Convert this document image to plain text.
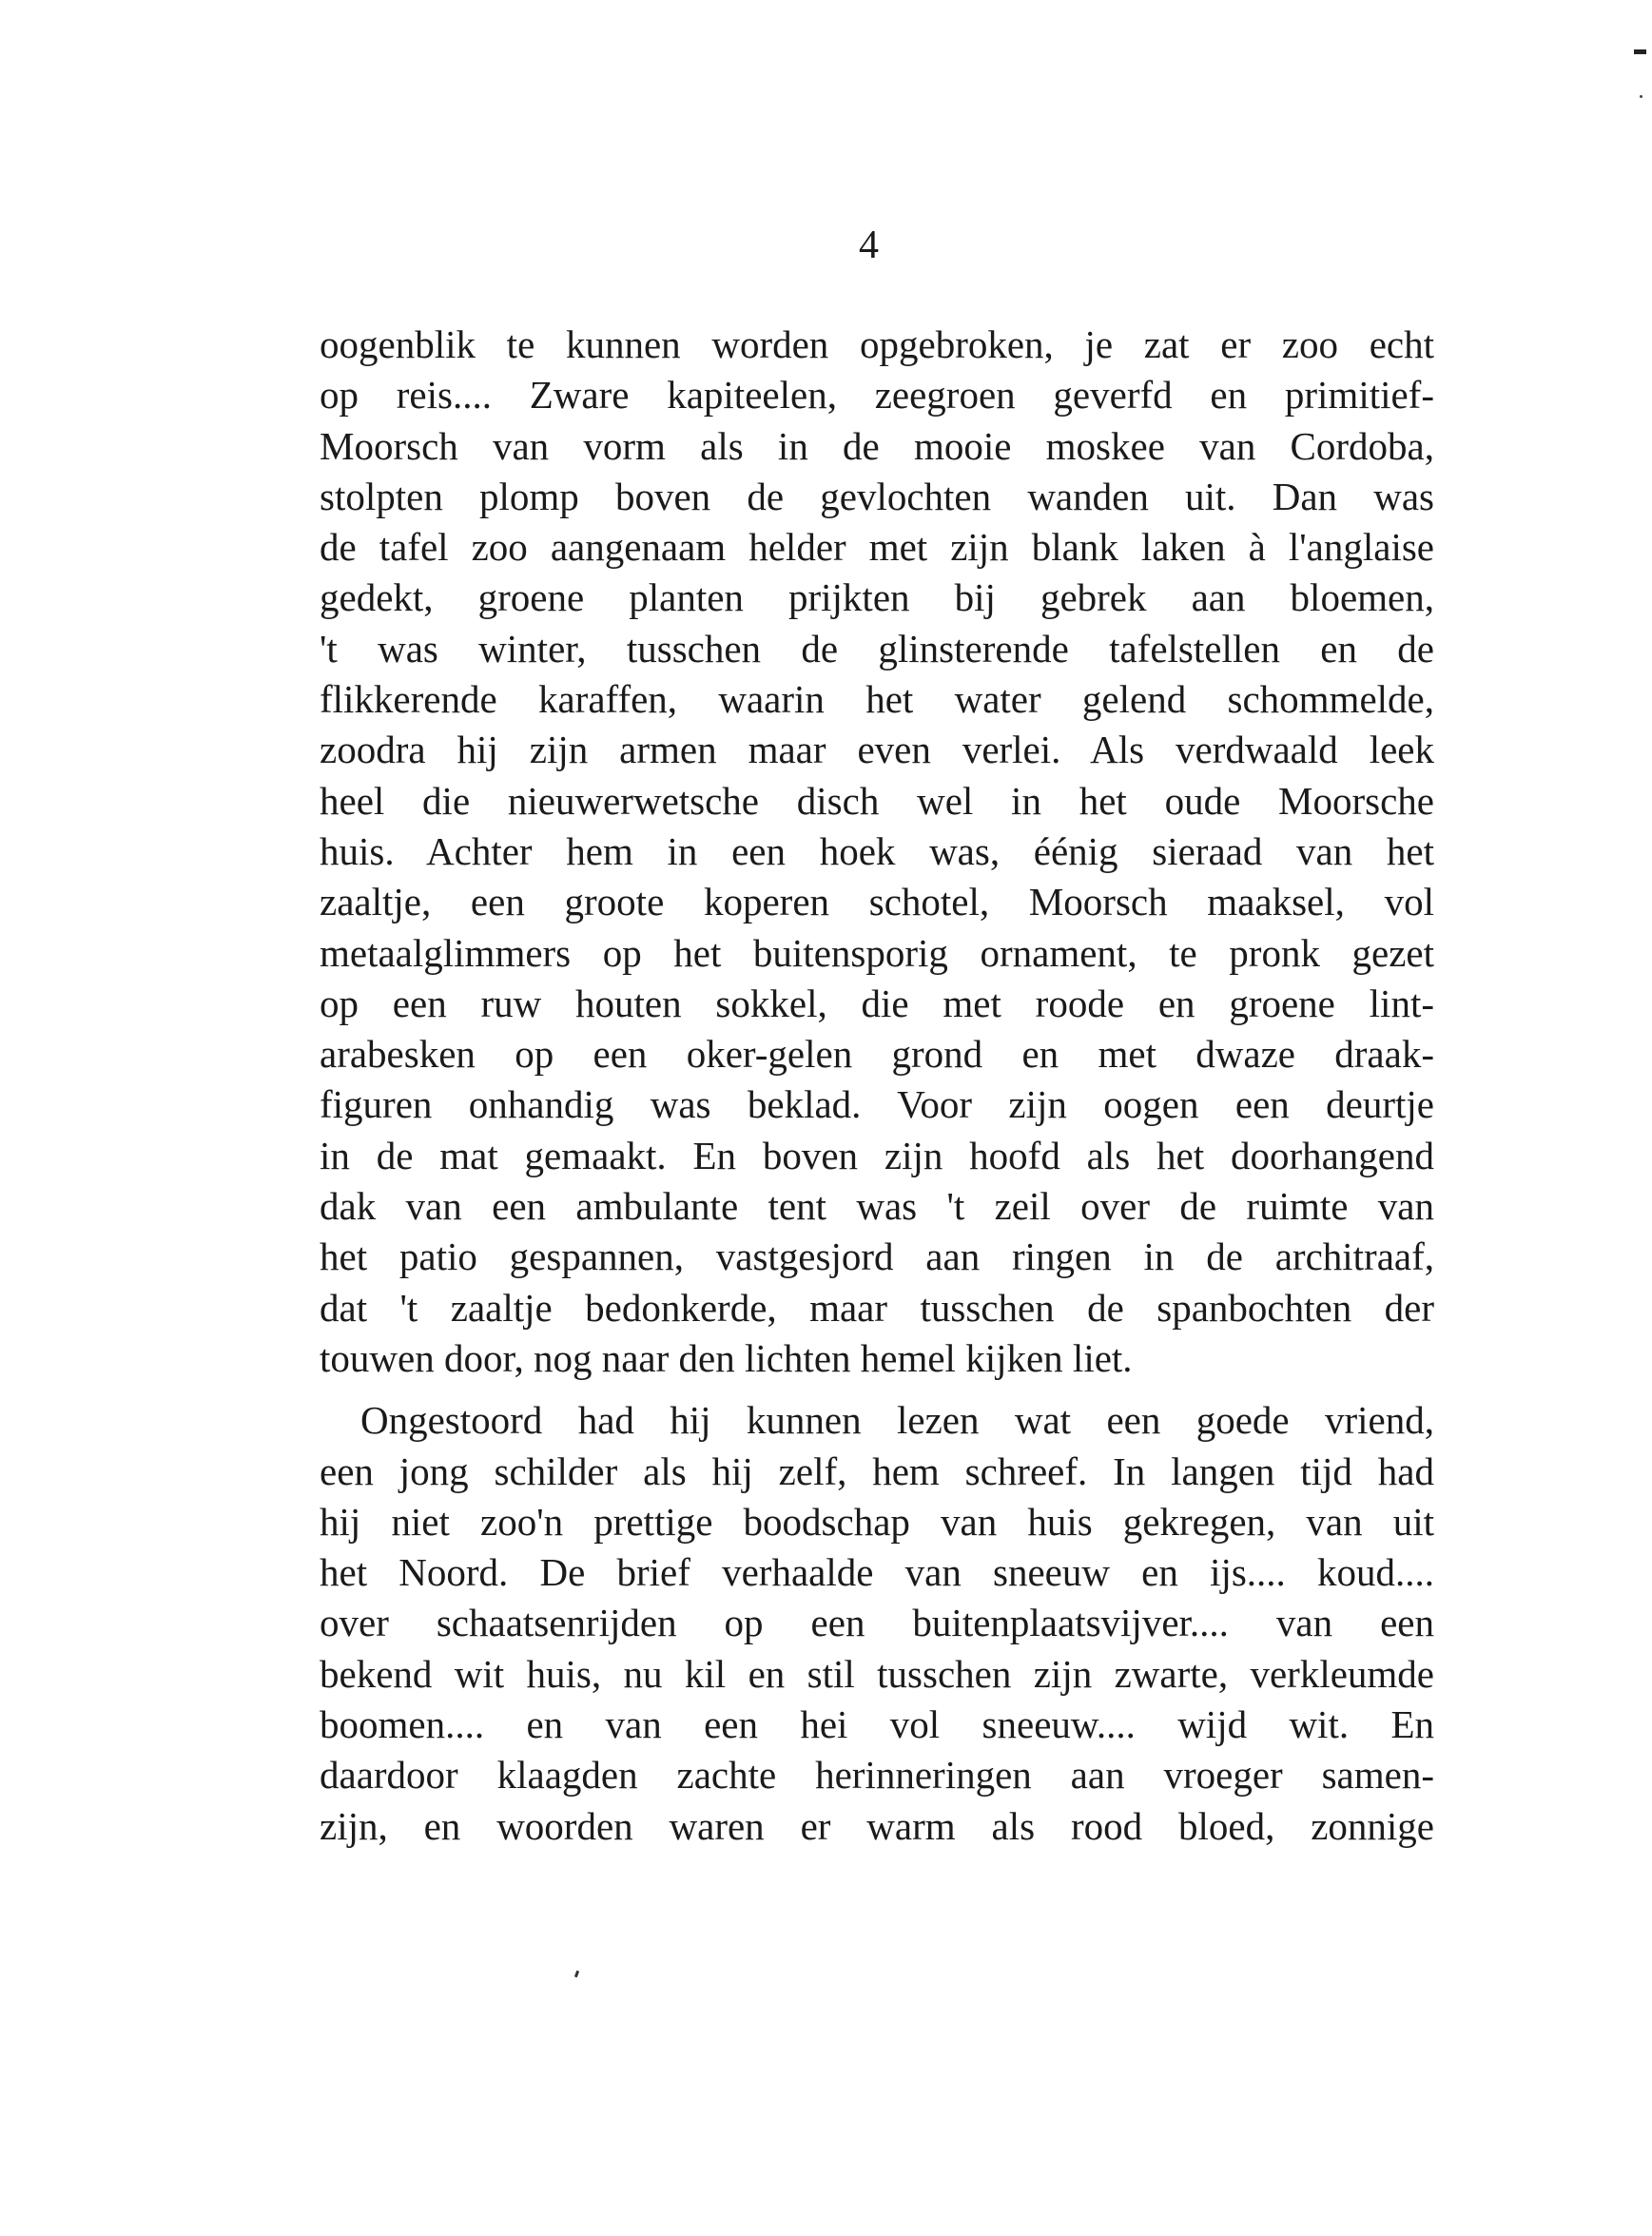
4

oogenblik te kunnen worden opgebroken, je zat er zoo echt
op reis.... Zware kapiteelen, zeegroen geverfd en primitief-
Moorsch van vorm als in de mooie moskee van Cordoba,
stolpten plomp boven de gevlochten wanden uit. Dan was
de tafel zoo aangenaam helder met zijn blank laken à l'anglaise
gedekt, groene planten prijkten bij gebrek aan bloemen,
't was winter, tusschen de glinsterende tafelstellen en de
flikkerende karaffen, waarin het water gelend schommelde,
zoodra hij zijn armen maar even verlei. Als verdwaald leek
heel die nieuwerwetsche disch wel in het oude Moorsche
huis. Achter hem in een hoek was, éénig sieraad van het
zaaltje, een groote koperen schotel, Moorsch maaksel, vol
metaalglimmers op het buitensporig ornament, te pronk gezet
op een ruw houten sokkel, die met roode en groene lint-
arabesken op een oker-gelen grond en met dwaze draak-
figuren onhandig was beklad. Voor zijn oogen een deurtje
in de mat gemaakt. En boven zijn hoofd als het doorhangend
dak van een ambulante tent was 't zeil over de ruimte van
het patio gespannen, vastgesjord aan ringen in de architraaf,
dat 't zaaltje bedonkerde, maar tusschen de spanbochten der
touwen door, nog naar den lichten hemel kijken liet.

Ongestoord had hij kunnen lezen wat een goede vriend,
een jong schilder als hij zelf, hem schreef. In langen tijd had
hij niet zoo'n prettige boodschap van huis gekregen, van uit
het Noord. De brief verhaalde van sneeuw en ijs.... koud....
over schaatsenrijden op een buitenplaatsvijver.... van een
bekend wit huis, nu kil en stil tusschen zijn zwarte, verkleumde
boomen.... en van een hei vol sneeuw.... wijd wit. En
daardoor klaagden zachte herinneringen aan vroeger samen-
zijn, en woorden waren er warm als rood bloed, zonnige
